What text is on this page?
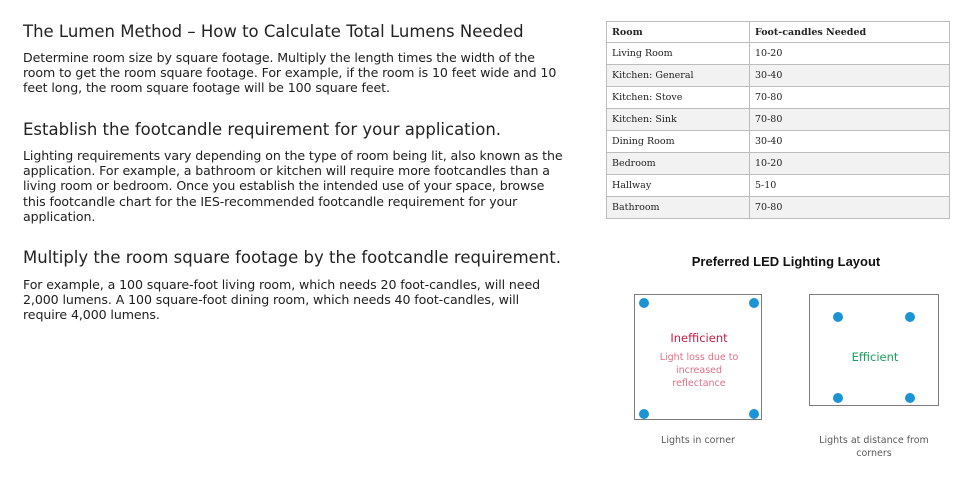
The Lumen Method – How to Calculate Total Lumens Needed

Determine room size by square footage. Multiply the length times the width of the room to get the room square footage. For example, if the room is 10 feet wide and 10 feet long, the room square footage will be 100 square feet.

Establish the footcandle requirement for your application.

Lighting requirements vary depending on the type of room being lit, also known as the application. For example, a bathroom or kitchen will require more footcandles than a living room or bedroom. Once you establish the intended use of your space, browse this footcandle chart for the IES-recommended footcandle requirement for your application.

Multiply the room square footage by the footcandle requirement.

For example, a 100 square-foot living room, which needs 20 foot-candles, will need 2,000 lumens. A 100 square-foot dining room, which needs 40 foot-candles, will require 4,000 lumens.

Room	Foot-candles Needed
Living Room	10-20
Kitchen: General	30-40
Kitchen: Stove	70-80
Kitchen: Sink	70-80
Dining Room	30-40
Bedroom	10-20
Hallway	5-10
Bathroom	70-80
Preferred LED Lighting Layout
Inefficient
Light loss due to increased reflectance
Lights in corner
Efficient
Lights at distance from corners
